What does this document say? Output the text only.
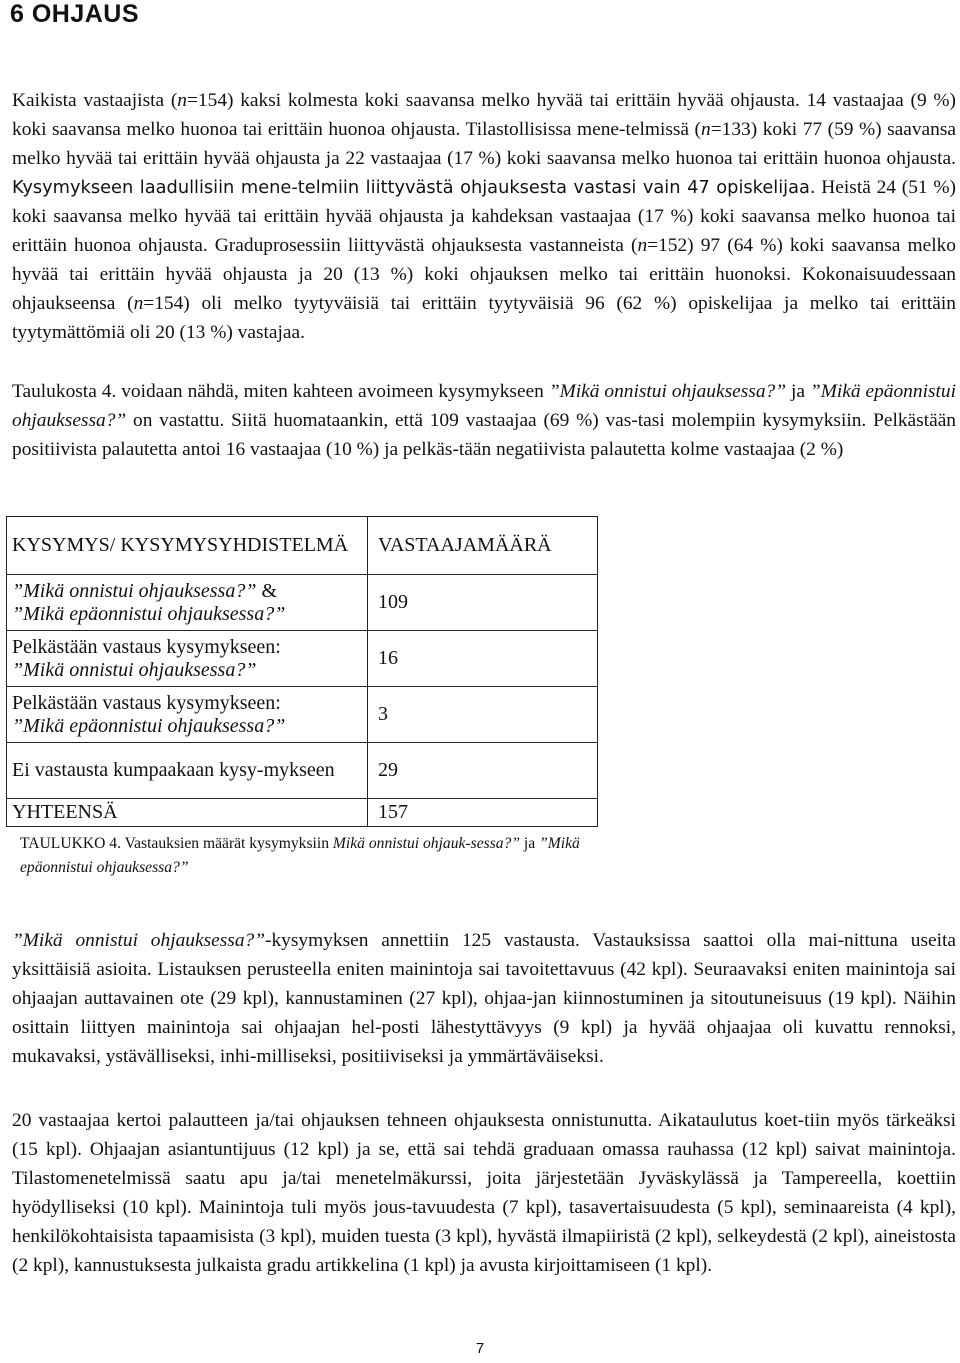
6 OHJAUS

Kaikista vastaajista (n=154) kaksi kolmesta koki saavansa melko hyvää tai erittäin hyvää ohjausta. 14 vastaajaa (9 %) koki saavansa melko huonoa tai erittäin huonoa ohjausta. Tilastollisissa mene-telmissä (n=133) koki 77 (59 %) saavansa melko hyvää tai erittäin hyvää ohjausta ja 22 vastaajaa (17 %) koki saavansa melko huonoa tai erittäin huonoa ohjausta. Kysymykseen laadullisiin mene-telmiin liittyvästä ohjauksesta vastasi vain 47 opiskelijaa. Heistä 24 (51 %) koki saavansa melko hyvää tai erittäin hyvää ohjausta ja kahdeksan vastaajaa (17 %) koki saavansa melko huonoa tai erittäin huonoa ohjausta. Graduprosessiin liittyvästä ohjauksesta vastanneista (n=152) 97 (64 %) koki saavansa melko hyvää tai erittäin hyvää ohjausta ja 20 (13 %) koki ohjauksen melko tai erittäin huonoksi. Kokonaisuudessaan ohjaukseensa (n=154) oli melko tyytyväisiä tai erittäin tyytyväisiä 96 (62 %) opiskelijaa ja melko tai erittäin tyytymättömiä oli 20 (13 %) vastajaa.

Taulukosta 4. voidaan nähdä, miten kahteen avoimeen kysymykseen ”Mikä onnistui ohjauksessa?” ja ”Mikä epäonnistui ohjauksessa?” on vastattu. Siitä huomataankin, että 109 vastaajaa (69 %) vas-tasi molempiin kysymyksiin. Pelkästään positiivista palautetta antoi 16 vastaajaa (10 %) ja pelkäs-tään negatiivista palautetta kolme vastaajaa (2 %)

KYSYMYS/ KYSYMYSYHDISTELMÄ	VASTAAJAMÄÄRÄ
”Mikä onnistui ohjauksessa?” &
”Mikä epäonnistui ohjauksessa?”	109
Pelkästään vastaus kysymykseen:
”Mikä onnistui ohjauksessa?”	16
Pelkästään vastaus kysymykseen:
”Mikä epäonnistui ohjauksessa?”	3
Ei vastausta kumpaakaan kysy-mykseen	29
YHTEENSÄ	157

TAULUKKO 4. Vastauksien määrät kysymyksiin Mikä onnistui ohjauk-sessa?” ja ”Mikä epäonnistui ohjauksessa?”

”Mikä onnistui ohjauksessa?”-kysymyksen annettiin 125 vastausta. Vastauksissa saattoi olla mai-nittuna useita yksittäisiä asioita. Listauksen perusteella eniten mainintoja sai tavoitettavuus (42 kpl). Seuraavaksi eniten mainintoja sai ohjaajan auttavainen ote (29 kpl), kannustaminen (27 kpl), ohjaa-jan kiinnostuminen ja sitoutuneisuus (19 kpl). Näihin osittain liittyen mainintoja sai ohjaajan hel-posti lähestyttävyys (9 kpl) ja hyvää ohjaajaa oli kuvattu rennoksi, mukavaksi, ystävälliseksi, inhi-milliseksi, positiiviseksi ja ymmärtäväiseksi.

20 vastaajaa kertoi palautteen ja/tai ohjauksen tehneen ohjauksesta onnistunutta. Aikataulutus koet-tiin myös tärkeäksi (15 kpl). Ohjaajan asiantuntijuus (12 kpl) ja se, että sai tehdä graduaan omassa rauhassa (12 kpl) saivat mainintoja. Tilastomenetelmissä saatu apu ja/tai menetelmäkurssi, joita järjestetään Jyväskylässä ja Tampereella, koettiin hyödylliseksi (10 kpl). Mainintoja tuli myös jous-tavuudesta (7 kpl), tasavertaisuudesta (5 kpl), seminaareista (4 kpl), henkilökohtaisista tapaamisista (3 kpl), muiden tuesta (3 kpl), hyvästä ilmapiiristä (2 kpl), selkeydestä (2 kpl), aineistosta (2 kpl), kannustuksesta julkaista gradu artikkelina (1 kpl) ja avusta kirjoittamiseen (1 kpl).

7
